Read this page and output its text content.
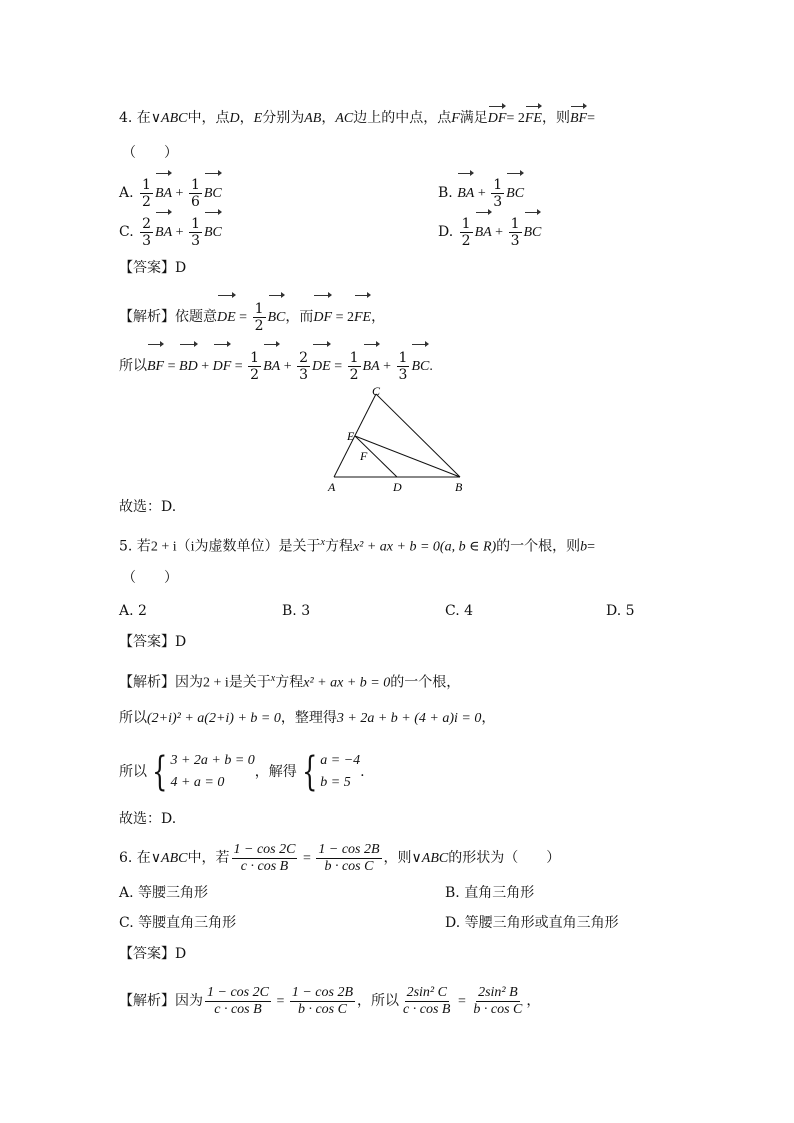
4. 在∨ABC中，点D，E分别为AB，AC边上的中点，点F满足DF= 2FE，则BF=
（　　）
A. $\frac{1}{2}$ BA + $\frac{1}{6}$ BC	B. BA + $\frac{1}{3}$ BC
C. $\frac{2}{3}$ BA + $\frac{1}{3}$ BC	D. $\frac{1}{2}$ BA + $\frac{1}{3}$ BC
【答案】D
【解析】依题意DE = $\frac{1}{2}$ BC，而DF = 2FE，
所以BF = BD + DF = $\frac{1}{2}$ BA + $\frac{2}{3}$ DE = $\frac{1}{2}$ BA + $\frac{1}{3}$ BC.
C
E
F
A	D	B
故选：D.
5. 若2 + i（i为虚数单位）是关于$^x$方程x² + ax + b = 0(a, b ∈ R)的一个根，则b=
（　　）
A. 2	B. 3	C. 4	D. 5
【答案】D
【解析】因为2 + i是关于$^x$方程x² + ax + b = 0的一个根，
所以(2+i)² + a(2+i) + b = 0，整理得3 + 2a + b + (4 + a)i = 0，
所以 { 3 + 2a + b = 0
4 + a = 0
，解得 { a = −4
b = 5
.
故选：D.
6. 在∨ABC中，若 $\frac{1 - \cos 2C}{\text{c · cos B}} = \frac{1 - \cos 2B}{\text{b · cos C}}$ ，则∨ABC的形状为（　　）
A. 等腰三角形	B. 直角三角形
C. 等腰直角三角形	D. 等腰三角形或直角三角形
【答案】D
【解析】因为 $\frac{1 - \cos 2C}{\text{c · cos B}} = \frac{1 - \cos 2B}{\text{b · cos C}}$ ，所以 $\frac{\text{2sin² C}}{\text{c · cos B}} = \frac{\text{2sin² B}}{\text{b · cos C}}$ ，
